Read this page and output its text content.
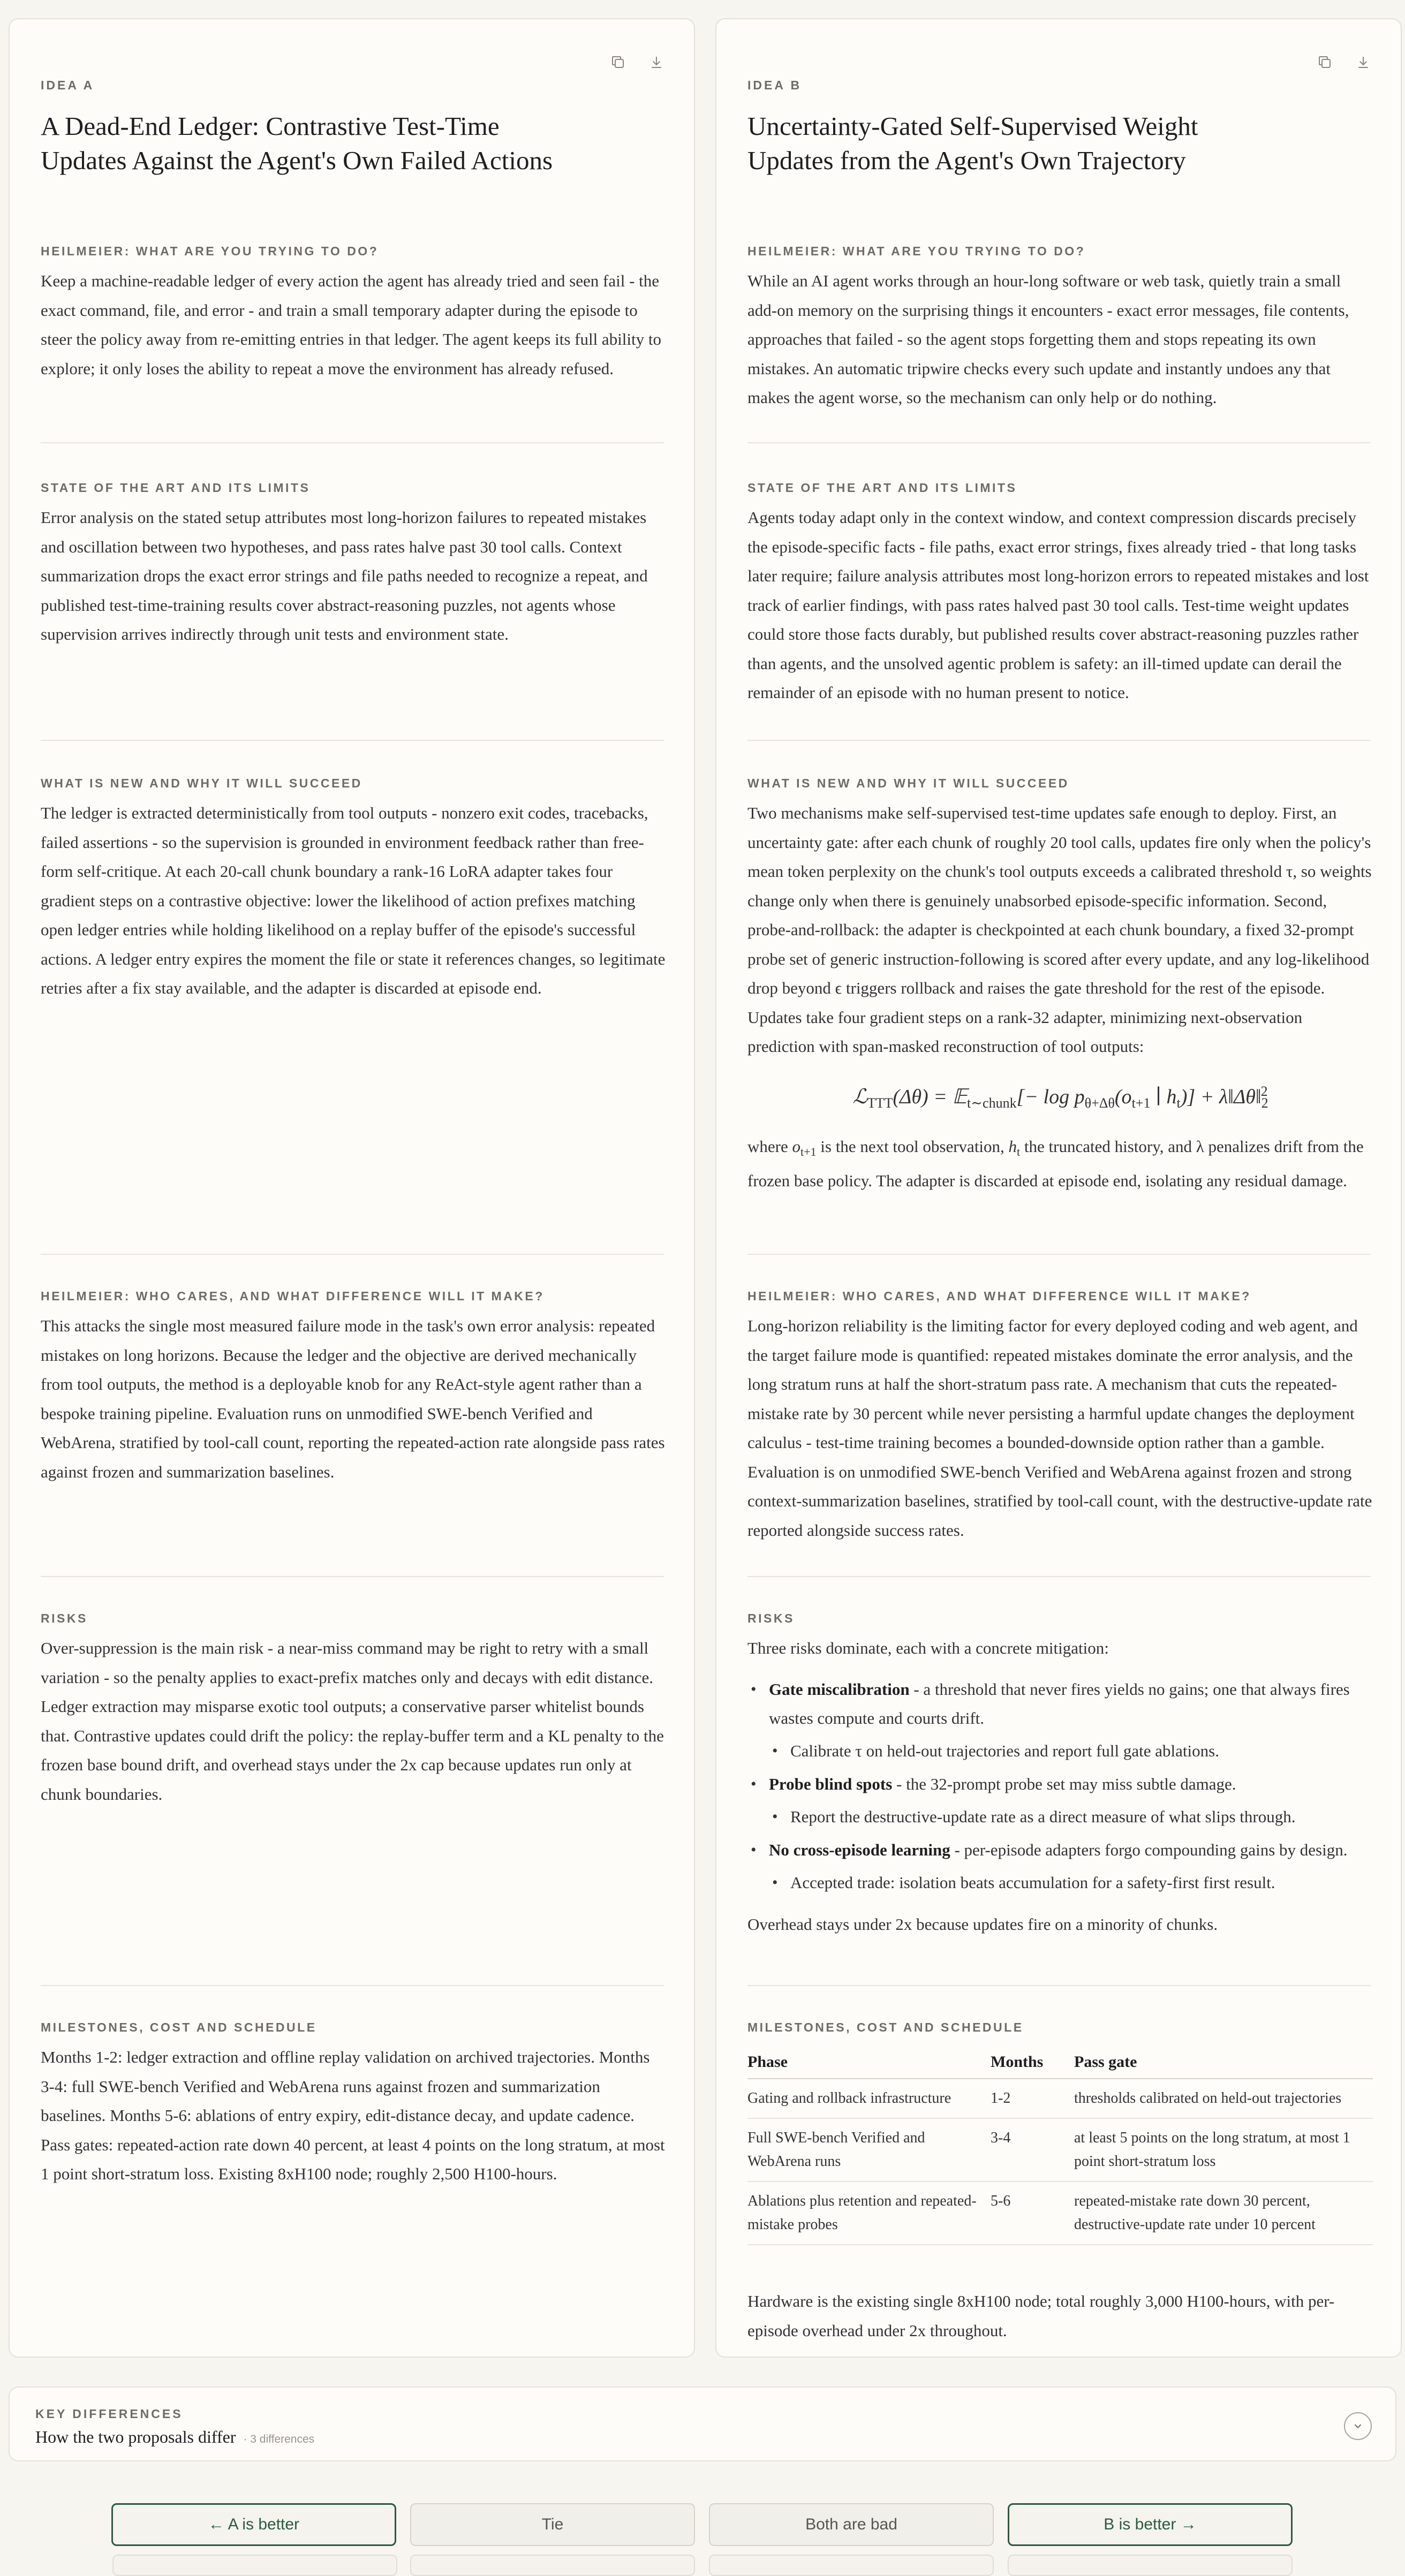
IDEA A
A Dead-End Ledger: Contrastive Test-Time Updates Against the Agent's Own Failed Actions
HEILMEIER: WHAT ARE YOU TRYING TO DO?

Keep a machine-readable ledger of every action the agent has already tried and seen fail - the exact command, file, and error - and train a small temporary adapter during the episode to steer the policy away from re-emitting entries in that ledger. The agent keeps its full ability to explore; it only loses the ability to repeat a move the environment has already refused.

STATE OF THE ART AND ITS LIMITS

Error analysis on the stated setup attributes most long-horizon failures to repeated mistakes and oscillation between two hypotheses, and pass rates halve past 30 tool calls. Context summarization drops the exact error strings and file paths needed to recognize a repeat, and published test-time-training results cover abstract-reasoning puzzles, not agents whose supervision arrives indirectly through unit tests and environment state.

WHAT IS NEW AND WHY IT WILL SUCCEED

The ledger is extracted deterministically from tool outputs - nonzero exit codes, tracebacks, failed assertions - so the supervision is grounded in environment feedback rather than free-form self-critique. At each 20-call chunk boundary a rank-16 LoRA adapter takes four gradient steps on a contrastive objective: lower the likelihood of action prefixes matching open ledger entries while holding likelihood on a replay buffer of the episode's successful actions. A ledger entry expires the moment the file or state it references changes, so legitimate retries after a fix stay available, and the adapter is discarded at episode end.

HEILMEIER: WHO CARES, AND WHAT DIFFERENCE WILL IT MAKE?

This attacks the single most measured failure mode in the task's own error analysis: repeated mistakes on long horizons. Because the ledger and the objective are derived mechanically from tool outputs, the method is a deployable knob for any ReAct-style agent rather than a bespoke training pipeline. Evaluation runs on unmodified SWE-bench Verified and WebArena, stratified by tool-call count, reporting the repeated-action rate alongside pass rates against frozen and summarization baselines.

RISKS

Over-suppression is the main risk - a near-miss command may be right to retry with a small variation - so the penalty applies to exact-prefix matches only and decays with edit distance. Ledger extraction may misparse exotic tool outputs; a conservative parser whitelist bounds that. Contrastive updates could drift the policy: the replay-buffer term and a KL penalty to the frozen base bound drift, and overhead stays under the 2x cap because updates run only at chunk boundaries.

MILESTONES, COST AND SCHEDULE

Months 1-2: ledger extraction and offline replay validation on archived trajectories. Months 3-4: full SWE-bench Verified and WebArena runs against frozen and summarization baselines. Months 5-6: ablations of entry expiry, edit-distance decay, and update cadence. Pass gates: repeated-action rate down 40 percent, at least 4 points on the long stratum, at most 1 point short-stratum loss. Existing 8xH100 node; roughly 2,500 H100-hours.

IDEA B
Uncertainty-Gated Self-Supervised Weight Updates from the Agent's Own Trajectory
HEILMEIER: WHAT ARE YOU TRYING TO DO?

While an AI agent works through an hour-long software or web task, quietly train a small add-on memory on the surprising things it encounters - exact error messages, file contents, approaches that failed - so the agent stops forgetting them and stops repeating its own mistakes. An automatic tripwire checks every such update and instantly undoes any that makes the agent worse, so the mechanism can only help or do nothing.

STATE OF THE ART AND ITS LIMITS

Agents today adapt only in the context window, and context compression discards precisely the episode-specific facts - file paths, exact error strings, fixes already tried - that long tasks later require; failure analysis attributes most long-horizon errors to repeated mistakes and lost track of earlier findings, with pass rates halved past 30 tool calls. Test-time weight updates could store those facts durably, but published results cover abstract-reasoning puzzles rather than agents, and the unsolved agentic problem is safety: an ill-timed update can derail the remainder of an episode with no human present to notice.

WHAT IS NEW AND WHY IT WILL SUCCEED

Two mechanisms make self-supervised test-time updates safe enough to deploy. First, an uncertainty gate: after each chunk of roughly 20 tool calls, updates fire only when the policy's mean token perplexity on the chunk's tool outputs exceeds a calibrated threshold τ, so weights change only when there is genuinely unabsorbed episode-specific information. Second, probe-and-rollback: the adapter is checkpointed at each chunk boundary, a fixed 32-prompt probe set of generic instruction-following is scored after every update, and any log-likelihood drop beyond ϵ triggers rollback and raises the gate threshold for the rest of the episode. Updates take four gradient steps on a rank-32 adapter, minimizing next-observation prediction with span-masked reconstruction of tool outputs:

ℒ$_{TTT}$(Δθ) = 𝔼$_{t\sim chunk}$[− $\log p_{\theta+\Delta\theta}(o_{t+1}$ ∣ $h_t$)] + $\lambda‖\Delta\theta‖_2^2$

where $o_{t+1}$ is the next tool observation, $h_t$ the truncated history, and λ penalizes drift from the frozen base policy. The adapter is discarded at episode end, isolating any residual damage.

HEILMEIER: WHO CARES, AND WHAT DIFFERENCE WILL IT MAKE?

Long-horizon reliability is the limiting factor for every deployed coding and web agent, and the target failure mode is quantified: repeated mistakes dominate the error analysis, and the long stratum runs at half the short-stratum pass rate. A mechanism that cuts the repeated-mistake rate by 30 percent while never persisting a harmful update changes the deployment calculus - test-time training becomes a bounded-downside option rather than a gamble. Evaluation is on unmodified SWE-bench Verified and WebArena against frozen and strong context-summarization baselines, stratified by tool-call count, with the destructive-update rate reported alongside success rates.

RISKS

Three risks dominate, each with a concrete mitigation:

• Gate miscalibration - a threshold that never fires yields no gains; one that always fires wastes compute and courts drift.
• Calibrate τ on held-out trajectories and report full gate ablations.
• Probe blind spots - the 32-prompt probe set may miss subtle damage.
• Report the destructive-update rate as a direct measure of what slips through.
• No cross-episode learning - per-episode adapters forgo compounding gains by design.
• Accepted trade: isolation beats accumulation for a safety-first first result.

Overhead stays under 2x because updates fire on a minority of chunks.

MILESTONES, COST AND SCHEDULE
Phase	Months	Pass gate
Gating and rollback infrastructure	1-2	thresholds calibrated on held-out trajectories
Full SWE-bench Verified and WebArena runs	3-4	at least 5 points on the long stratum, at most 1 point short-stratum loss
Ablations plus retention and repeated-mistake probes	5-6	repeated-mistake rate down 30 percent, destructive-update rate under 10 percent

Hardware is the existing single 8xH100 node; total roughly 3,000 H100-hours, with per-episode overhead under 2x throughout.

KEY DIFFERENCES
How the two proposals differ · 3 differences
← A is better	Tie	Both are bad	B is better →
